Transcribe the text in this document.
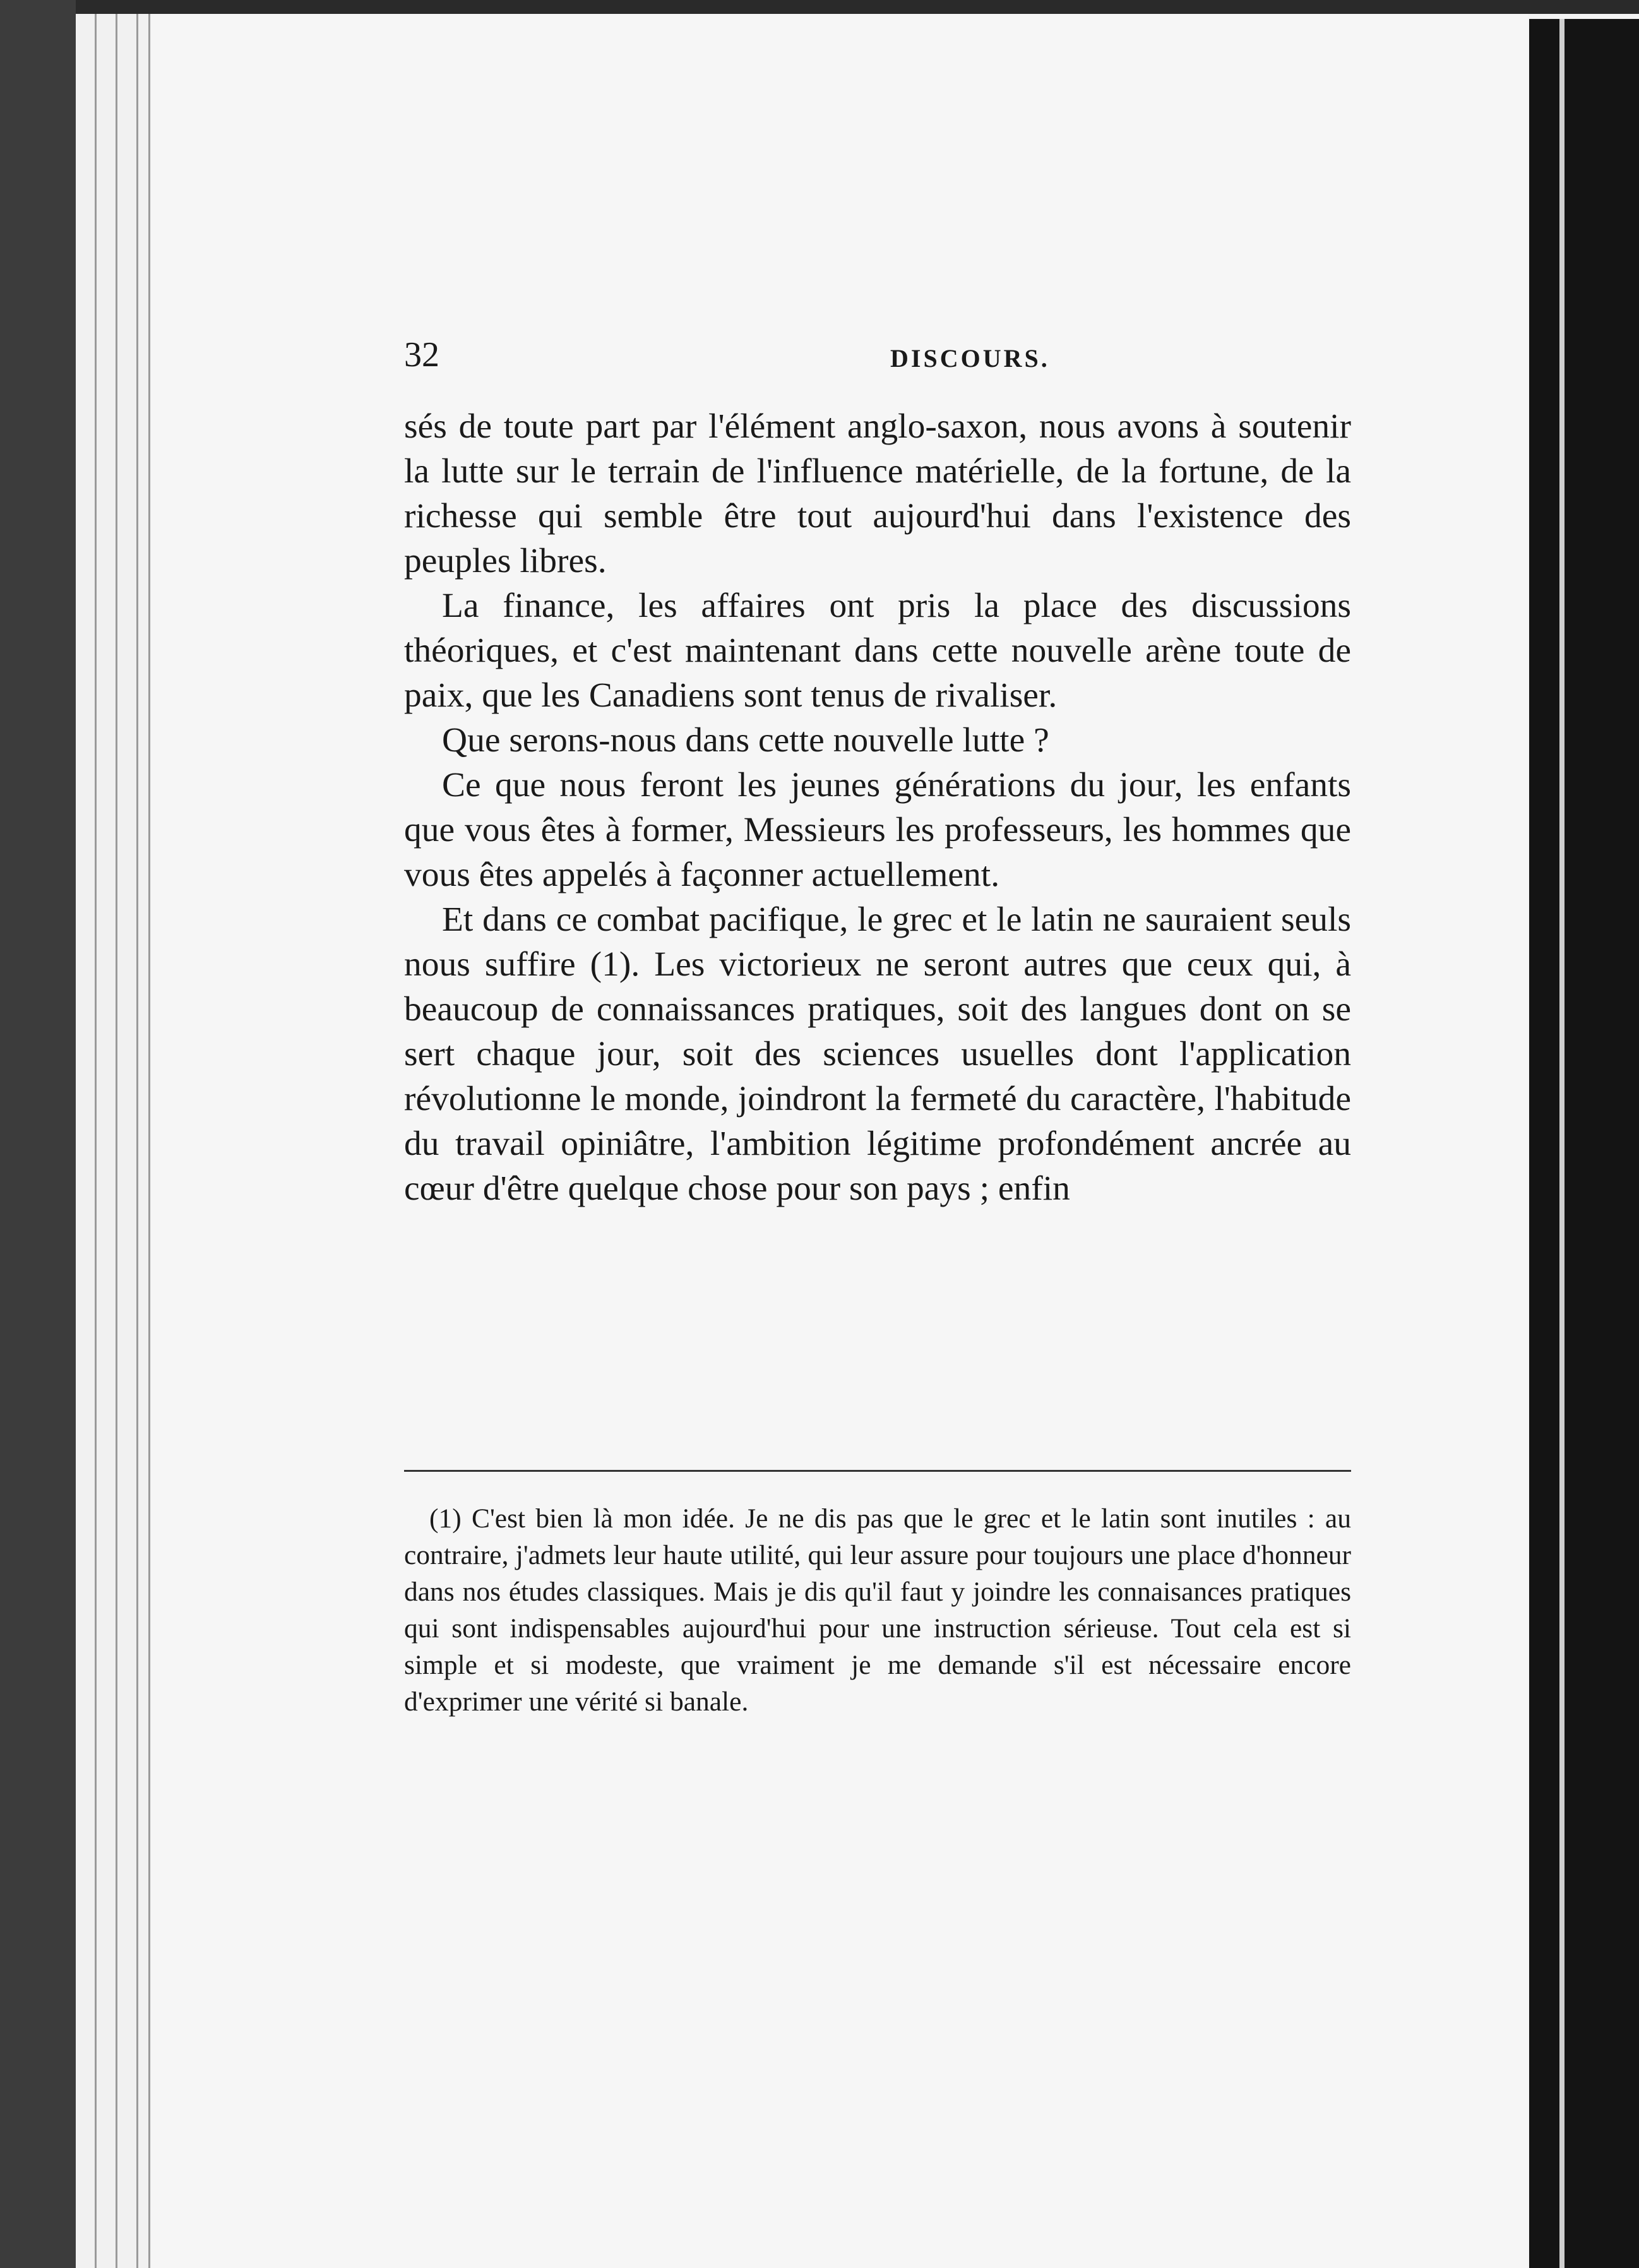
32	DISCOURS.

sés de toute part par l'élément anglo-saxon, nous avons à soutenir la lutte sur le terrain de l'influence matérielle, de la fortune, de la richesse qui semble être tout aujourd'hui dans l'existence des peuples libres.

La finance, les affaires ont pris la place des discussions théoriques, et c'est maintenant dans cette nouvelle arène toute de paix, que les Canadiens sont tenus de rivaliser.

Que serons-nous dans cette nouvelle lutte ?

Ce que nous feront les jeunes générations du jour, les enfants que vous êtes à former, Messieurs les professeurs, les hommes que vous êtes appelés à façonner actuellement.

Et dans ce combat pacifique, le grec et le latin ne sauraient seuls nous suffire (1). Les victorieux ne seront autres que ceux qui, à beaucoup de connaissances pratiques, soit des langues dont on se sert chaque jour, soit des sciences usuelles dont l'application révolutionne le monde, joindront la fermeté du caractère, l'habitude du travail opiniâtre, l'ambition légitime profondément ancrée au cœur d'être quelque chose pour son pays ; enfin

(1) C'est bien là mon idée. Je ne dis pas que le grec et le latin sont inutiles : au contraire, j'admets leur haute utilité, qui leur assure pour toujours une place d'honneur dans nos études classiques. Mais je dis qu'il faut y joindre les connaisances pratiques qui sont indispensables aujourd'hui pour une instruction sérieuse. Tout cela est si simple et si modeste, que vraiment je me demande s'il est nécessaire encore d'exprimer une vérité si banale.
